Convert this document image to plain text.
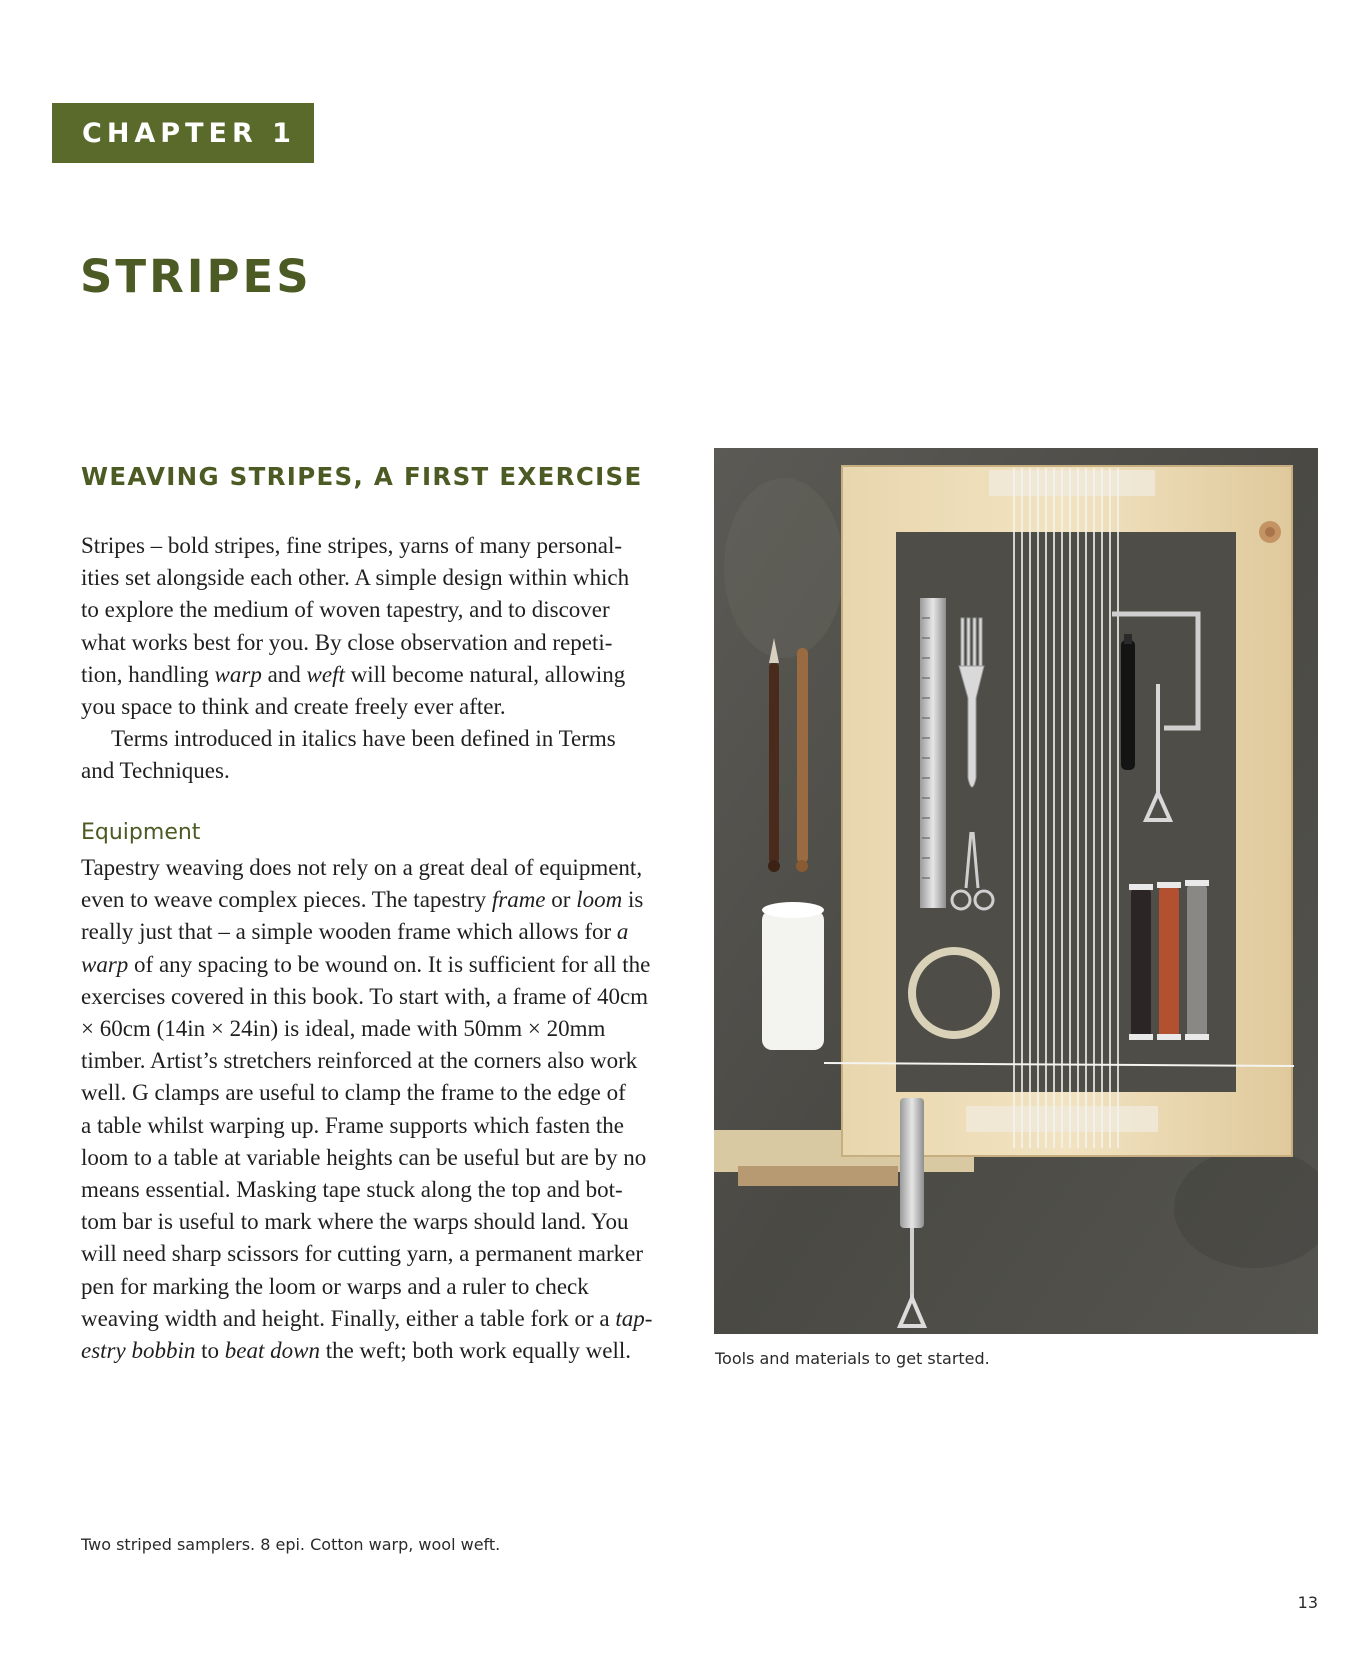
CHAPTER 1
STRIPES
WEAVING STRIPES, A FIRST EXERCISE

Stripes – bold stripes, fine stripes, yarns of many personal-
ities set alongside each other. A simple design within which
to explore the medium of woven tapestry, and to discover
what works best for you. By close observation and repeti-
tion, handling warp and weft will become natural, allowing
you space to think and create freely ever after.

Terms introduced in italics have been defined in Terms
and Techniques.

Equipment

Tapestry weaving does not rely on a great deal of equipment,
even to weave complex pieces. The tapestry frame or loom is
really just that – a simple wooden frame which allows for a
warp of any spacing to be wound on. It is sufficient for all the
exercises covered in this book. To start with, a frame of 40cm
× 60cm (14in × 24in) is ideal, made with 50mm × 20mm
timber. Artist’s stretchers reinforced at the corners also work
well. G clamps are useful to clamp the frame to the edge of
a table whilst warping up. Frame supports which fasten the
loom to a table at variable heights can be useful but are by no
means essential. Masking tape stuck along the top and bot-
tom bar is useful to mark where the warps should land. You
will need sharp scissors for cutting yarn, a permanent marker
pen for marking the loom or warps and a ruler to check
weaving width and height. Finally, either a table fork or a tap-
estry bobbin to beat down the weft; both work equally well.	Tools and materials to get started.

Two striped samplers. 8 epi. Cotton warp, wool weft.

13
